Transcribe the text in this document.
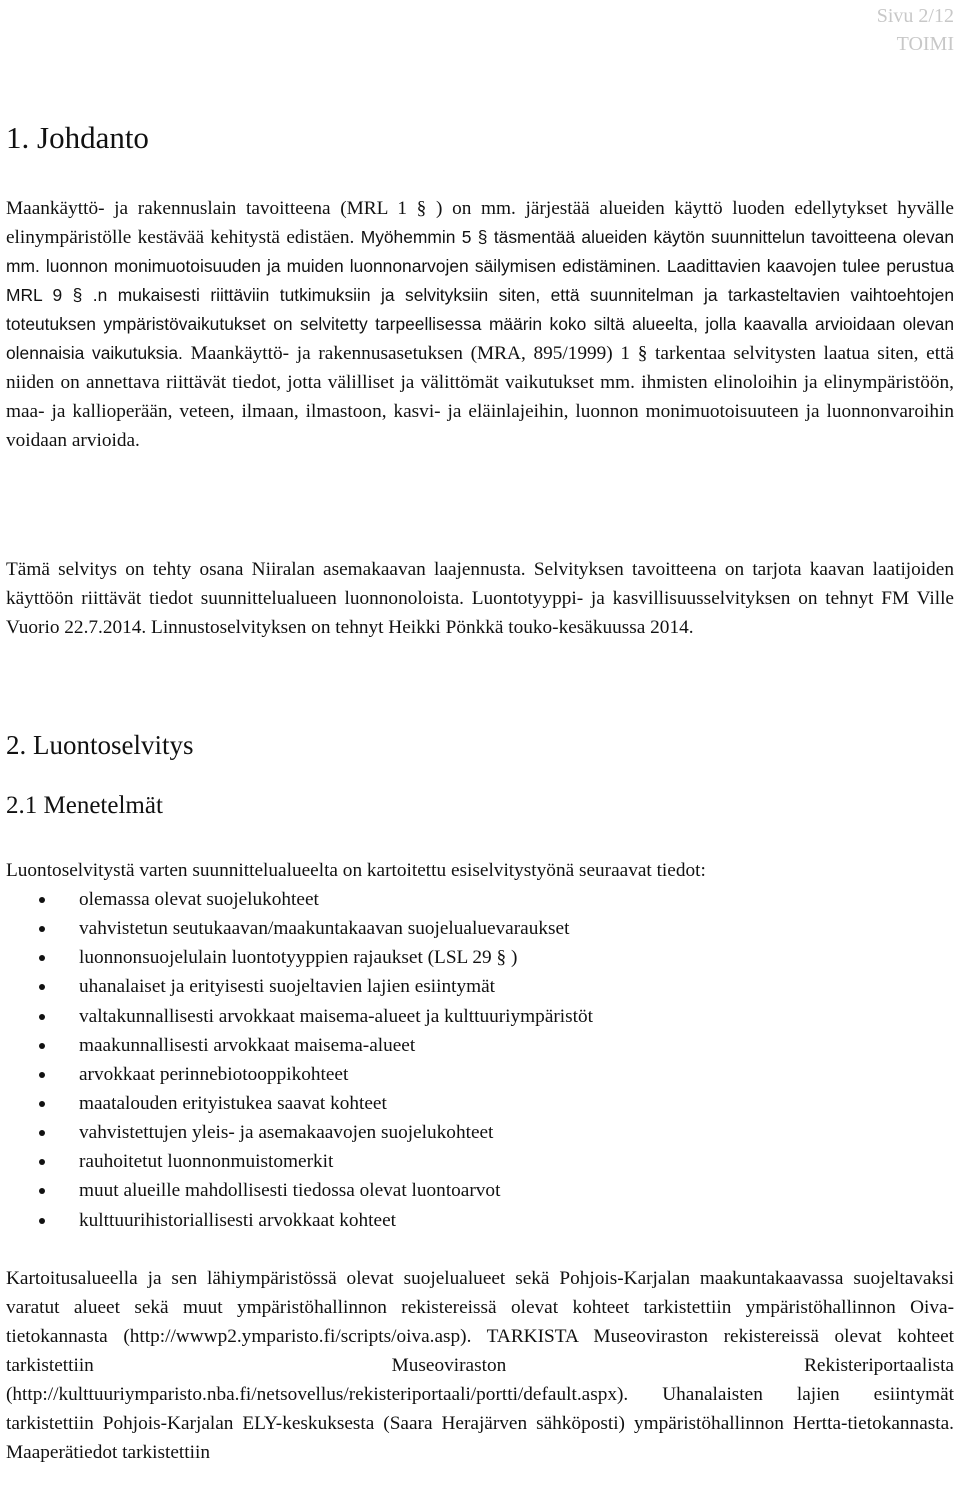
Sivu 2/12
TOIMI
1. Johdanto

Maankäyttö- ja rakennuslain tavoitteena (MRL 1 § ) on mm. järjestää alueiden käyttö luoden edellytykset hyvälle elinympäristölle kestävää kehitystä edistäen. Myöhemmin 5 § täsmentää alueiden käytön suunnittelun tavoitteena olevan mm. luonnon monimuotoisuuden ja muiden luonnonarvojen säilymisen edistäminen. Laadittavien kaavojen tulee perustua MRL 9 § .n mukaisesti riittäviin tutkimuksiin ja selvityksiin siten, että suunnitelman ja tarkasteltavien vaihtoehtojen toteutuksen ympäristövaikutukset on selvitetty tarpeellisessa määrin koko siltä alueelta, jolla kaavalla arvioidaan olevan olennaisia vaikutuksia. Maankäyttö- ja rakennusasetuksen (MRA, 895/1999) 1 § tarkentaa selvitysten laatua siten, että niiden on annettava riittävät tiedot, jotta välilliset ja välittömät vaikutukset mm. ihmisten elinoloihin ja elinympäristöön, maa- ja kallioperään, veteen, ilmaan, ilmastoon, kasvi- ja eläinlajeihin, luonnon monimuotoisuuteen ja luonnonvaroihin voidaan arvioida.

Tämä selvitys on tehty osana Niiralan asemakaavan laajennusta. Selvityksen tavoitteena on tarjota kaavan laatijoiden käyttöön riittävät tiedot suunnittelualueen luonnonoloista. Luontotyyppi- ja kasvillisuusselvityksen on tehnyt FM Ville Vuorio 22.7.2014. Linnustoselvityksen on tehnyt Heikki Pönkkä touko-kesäkuussa 2014.

2. Luontoselvitys
2.1 Menetelmät
Luontoselvitystä varten suunnittelualueelta on kartoitettu esiselvitystyönä seuraavat tiedot:
olemassa olevat suojelukohteet
vahvistetun seutukaavan/maakuntakaavan suojelualuevaraukset
luonnonsuojelulain luontotyyppien rajaukset (LSL 29 § )
uhanalaiset ja erityisesti suojeltavien lajien esiintymät
valtakunnallisesti arvokkaat maisema-alueet ja kulttuuriympäristöt
maakunnallisesti arvokkaat maisema-alueet
arvokkaat perinnebiotooppikohteet
maatalouden erityistukea saavat kohteet
vahvistettujen yleis- ja asemakaavojen suojelukohteet
rauhoitetut luonnonmuistomerkit
muut alueille mahdollisesti tiedossa olevat luontoarvot
kulttuurihistoriallisesti arvokkaat kohteet

Kartoitusalueella ja sen lähiympäristössä olevat suojelualueet sekä Pohjois-Karjalan maakuntakaavassa suojeltavaksi varatut alueet sekä muut ympäristöhallinnon rekistereissä olevat kohteet tarkistettiin ympäristöhallinnon Oiva-tietokannasta (http://wwwp2.ymparisto.fi/scripts/oiva.asp). TARKISTA Museoviraston rekistereissä olevat kohteet tarkistettiin Museoviraston Rekisteriportaalista (http://kulttuuriymparisto.nba.fi/netsovellus/rekisteriportaali/portti/default.aspx). Uhanalaisten lajien esiintymät tarkistettiin Pohjois-Karjalan ELY-keskuksesta (Saara Herajärven sähköposti) ympäristöhallinnon Hertta-tietokannasta. Maaperätiedot tarkistettiin
